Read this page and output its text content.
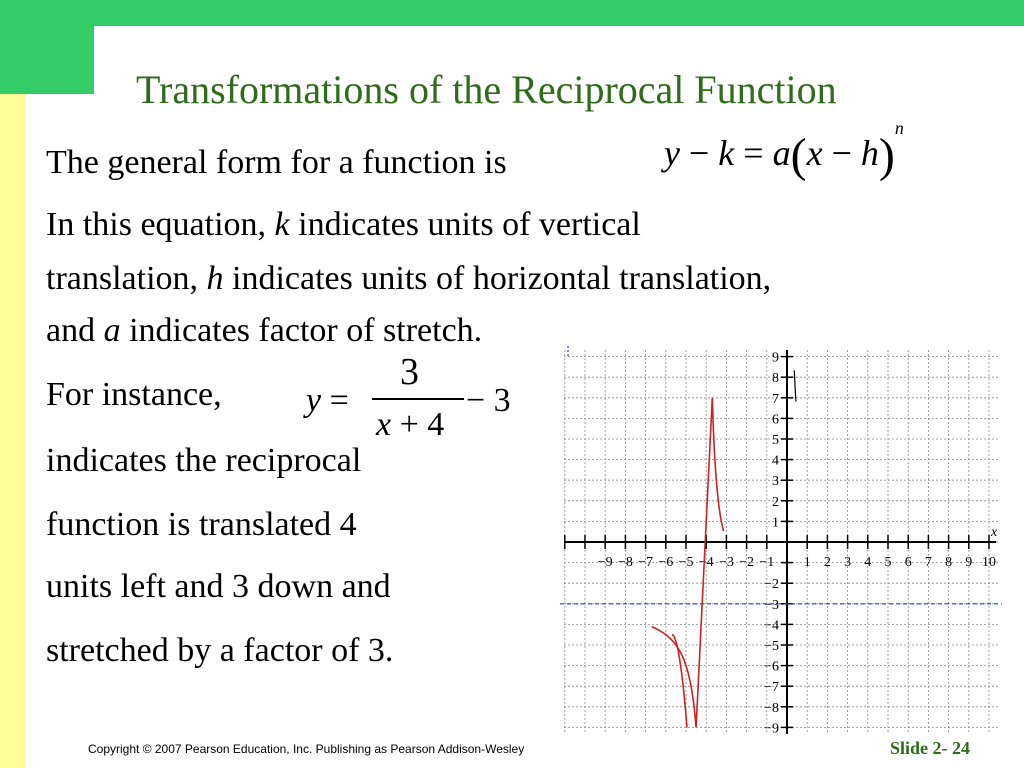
Transformations of the Reciprocal Function
The general form for a function is	$y - k = a(x - h)^n$
In this equation, k indicates units of vertical
translation, h indicates units of horizontal translation,
and a indicates factor of stretch.
For instance, y =
3
x + 4
− 3
indicates the reciprocal
function is translated 4
units left and 3 down and
stretched by a factor of 3.
−9 −8 −7 −6 −5 −4 −3 −2 −1 1 2 3 4 5 6 7 8 9 10
1
2
3
4
5
6
7
8
9
−2
−3
−4
−5
−6
−7
−8
−9
x
Copyright © 2007 Pearson Education, Inc. Publishing as Pearson Addison-Wesley	Slide 2- 24
